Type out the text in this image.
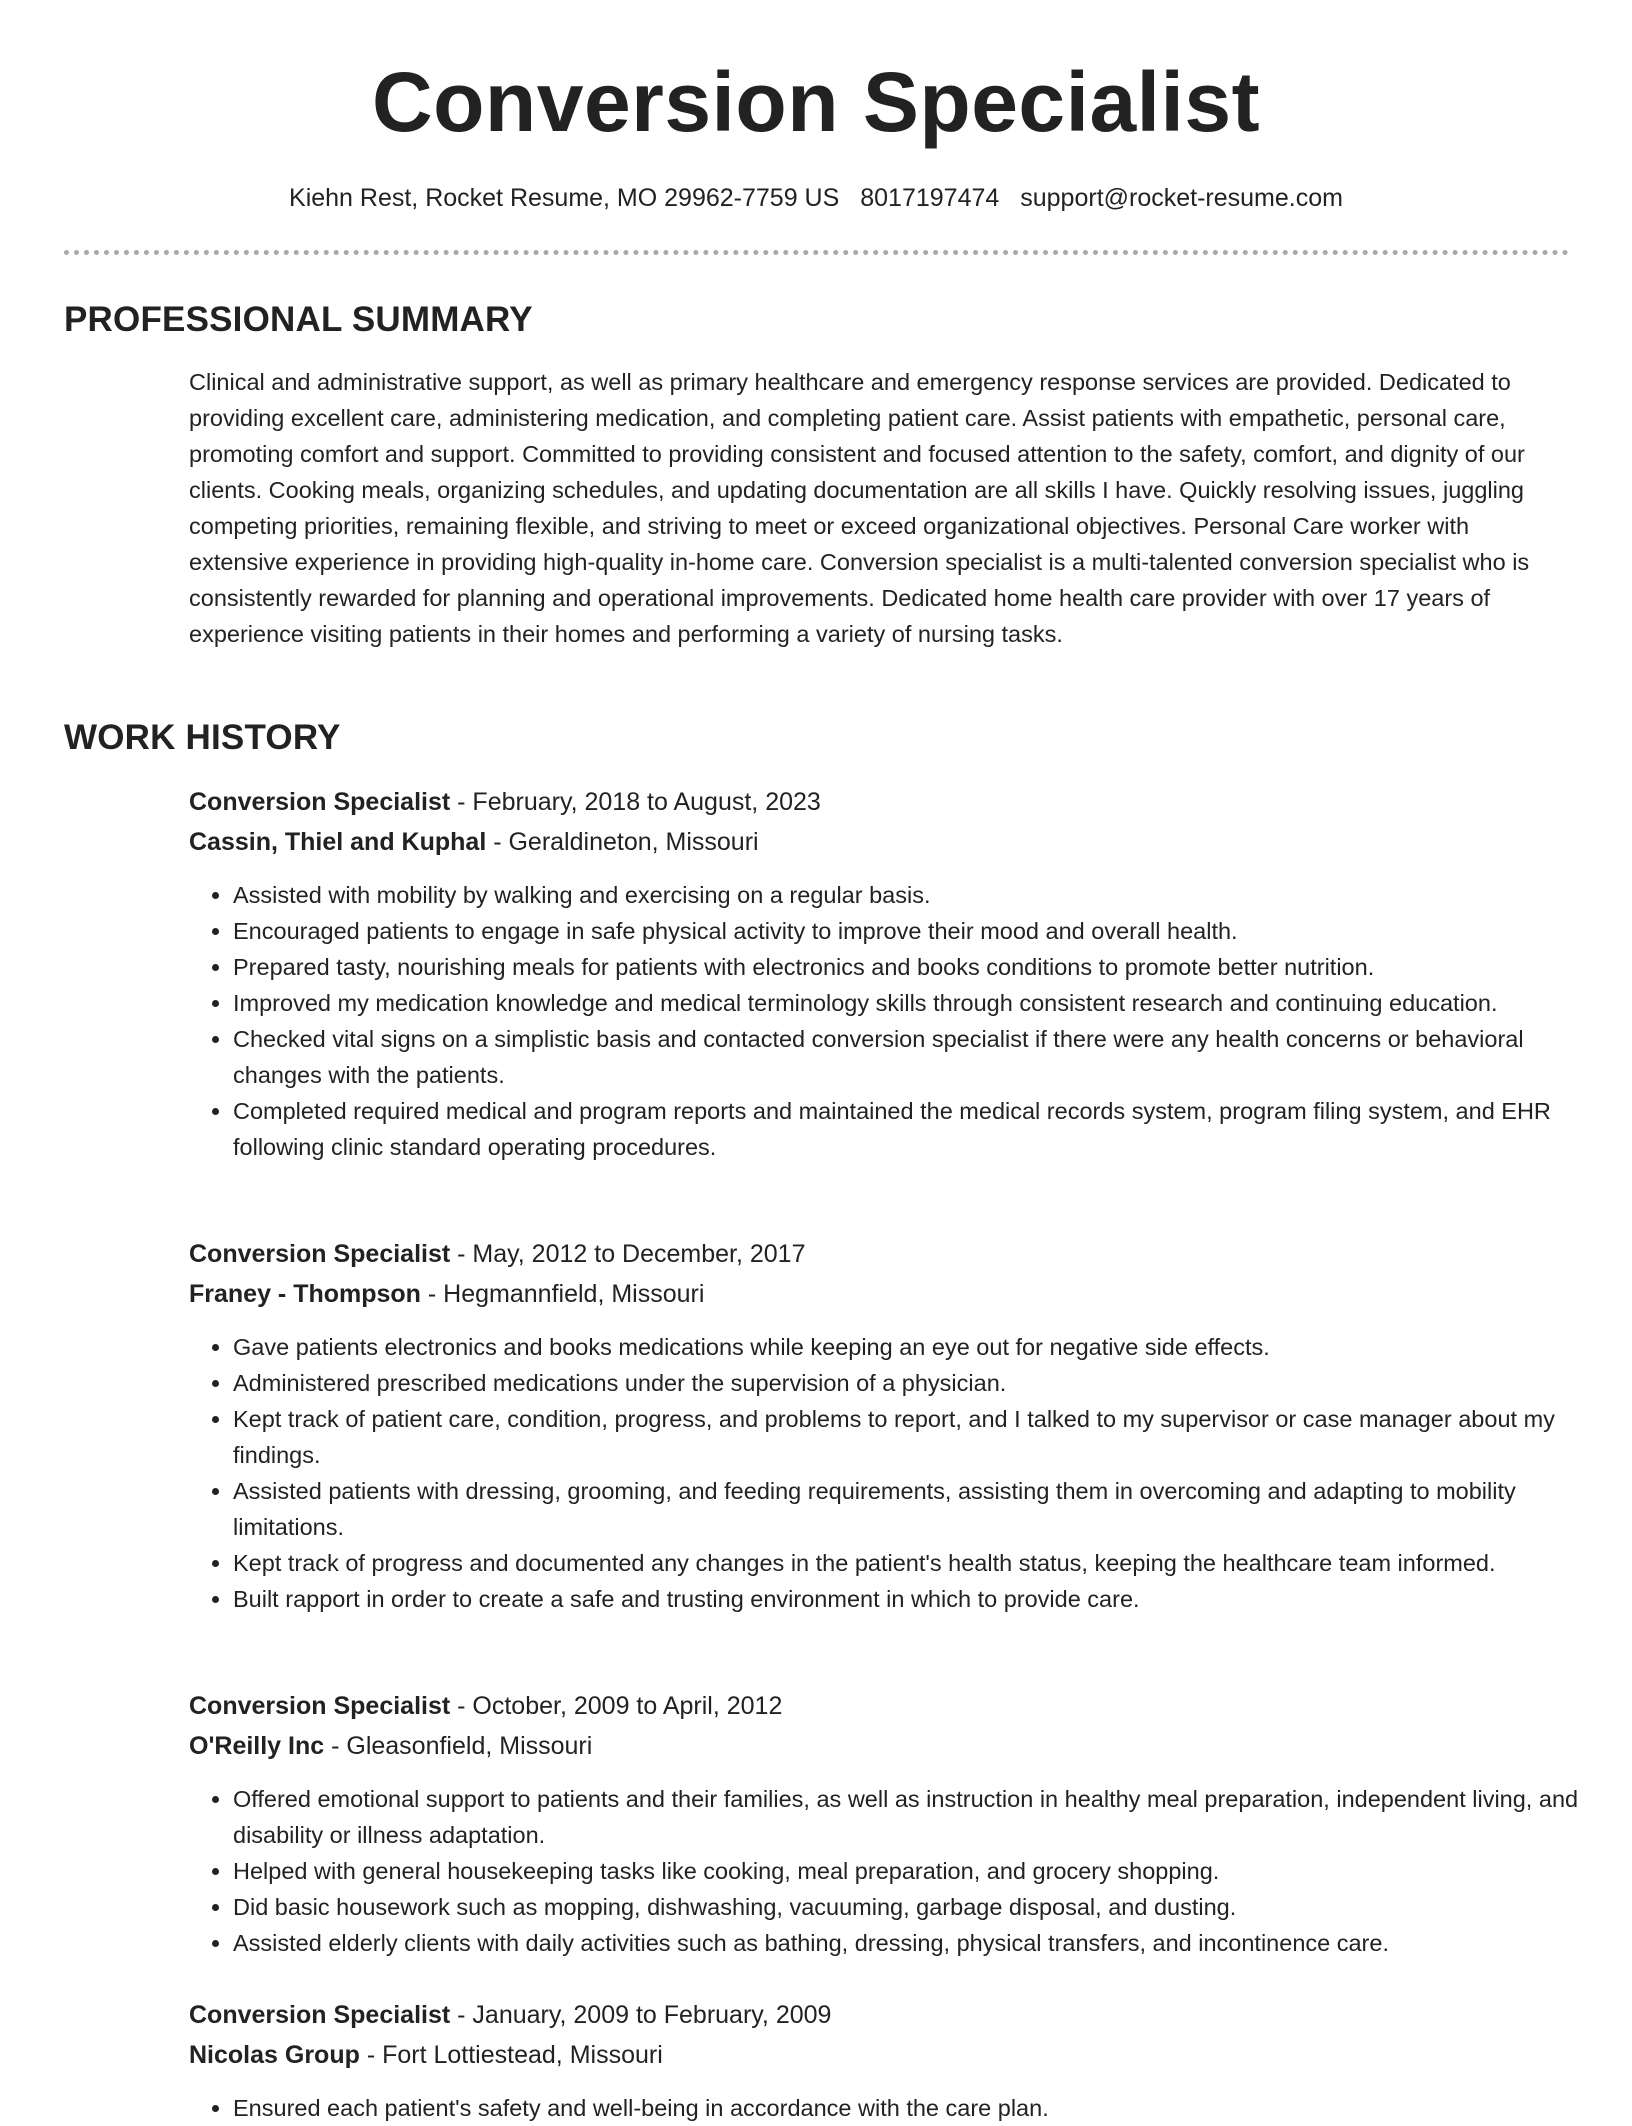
Conversion Specialist
Kiehn Rest, Rocket Resume, MO 29962-7759 US 8017197474 support@rocket-resume.com
PROFESSIONAL SUMMARY

Clinical and administrative support, as well as primary healthcare and emergency response services are provided. Dedicated to providing excellent care, administering medication, and completing patient care. Assist patients with empathetic, personal care, promoting comfort and support. Committed to providing consistent and focused attention to the safety, comfort, and dignity of our clients. Cooking meals, organizing schedules, and updating documentation are all skills I have. Quickly resolving issues, juggling competing priorities, remaining flexible, and striving to meet or exceed organizational objectives. Personal Care worker with extensive experience in providing high-quality in-home care. Conversion specialist is a multi-talented conversion specialist who is consistently rewarded for planning and operational improvements. Dedicated home health care provider with over 17 years of experience visiting patients in their homes and performing a variety of nursing tasks.

WORK HISTORY
Conversion Specialist - February, 2018 to August, 2023
Cassin, Thiel and Kuphal - Geraldineton, Missouri
• Assisted with mobility by walking and exercising on a regular basis.
• Encouraged patients to engage in safe physical activity to improve their mood and overall health.
• Prepared tasty, nourishing meals for patients with electronics and books conditions to promote better nutrition.
• Improved my medication knowledge and medical terminology skills through consistent research and continuing education.
• Checked vital signs on a simplistic basis and contacted conversion specialist if there were any health concerns or behavioral changes with the patients.
• Completed required medical and program reports and maintained the medical records system, program filing system, and EHR following clinic standard operating procedures.
Conversion Specialist - May, 2012 to December, 2017
Franey - Thompson - Hegmannfield, Missouri
• Gave patients electronics and books medications while keeping an eye out for negative side effects.
• Administered prescribed medications under the supervision of a physician.
• Kept track of patient care, condition, progress, and problems to report, and I talked to my supervisor or case manager about my findings.
• Assisted patients with dressing, grooming, and feeding requirements, assisting them in overcoming and adapting to mobility limitations.
• Kept track of progress and documented any changes in the patient's health status, keeping the healthcare team informed.
• Built rapport in order to create a safe and trusting environment in which to provide care.
Conversion Specialist - October, 2009 to April, 2012
O'Reilly Inc - Gleasonfield, Missouri
• Offered emotional support to patients and their families, as well as instruction in healthy meal preparation, independent living, and disability or illness adaptation.
• Helped with general housekeeping tasks like cooking, meal preparation, and grocery shopping.
• Did basic housework such as mopping, dishwashing, vacuuming, garbage disposal, and dusting.
• Assisted elderly clients with daily activities such as bathing, dressing, physical transfers, and incontinence care.
Conversion Specialist - January, 2009 to February, 2009
Nicolas Group - Fort Lottiestead, Missouri
• Ensured each patient's safety and well-being in accordance with the care plan.
